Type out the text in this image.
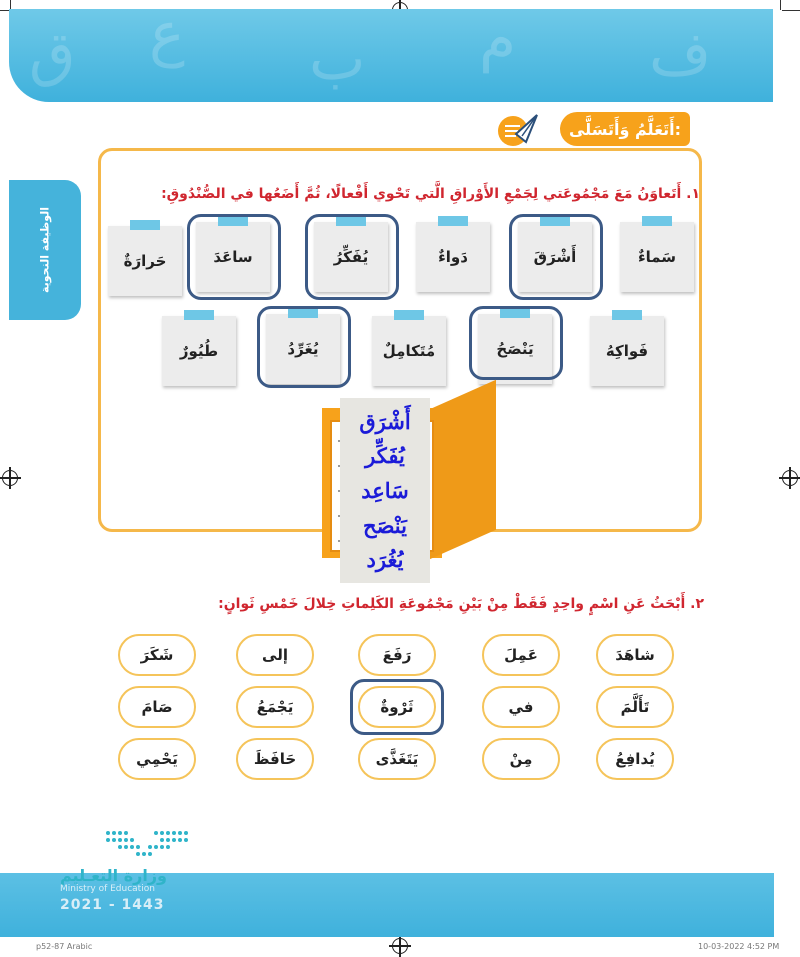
ق ع ب م ف
الوظيفة النحوية
أَتَعَلَّمُ وَأَتَسَلَّى:
١. أَتَعاوَنُ مَعَ مَجْمُوعَتي لِجَمْعِ الأَوْراقِ الَّتي تَحْوي أَفْعالًا، ثُمَّ أَضَعُها في الصُّنْدُوقِ:
سَماءٌ
أَشْرَقَ
دَواءٌ
يُفَكِّرُ
ساعَدَ
حَرارَةٌ
فَواكِهُ
يَنْصَحُ
مُتَكامِلٌ
يُغَرِّدُ
طُيُورٌ
أَشْرَق
يُفَكِّر
سَاعِد
يَنْصَح
يُغُرَد
٢. أَبْحَثُ عَنِ اسْمٍ واحِدٍ فَقَطْ مِنْ بَيْنِ مَجْمُوعَةِ الكَلِماتِ خِلالَ خَمْسِ ثَوانٍ:
شاهَدَ
عَمِلَ
رَفَعَ
إلى
شَكَرَ
تَأَلَّمَ
في
ثَرْوةٌ
يَجْمَعُ
صَامَ
يُدافِعُ
مِنْ
يَتَغَذَّى
حَافَظَ
يَحْمِي
وزارة التعـليم
Ministry of Education
2021 - 1443
p52-87 Arabic	10-03-2022 4:52 PM
